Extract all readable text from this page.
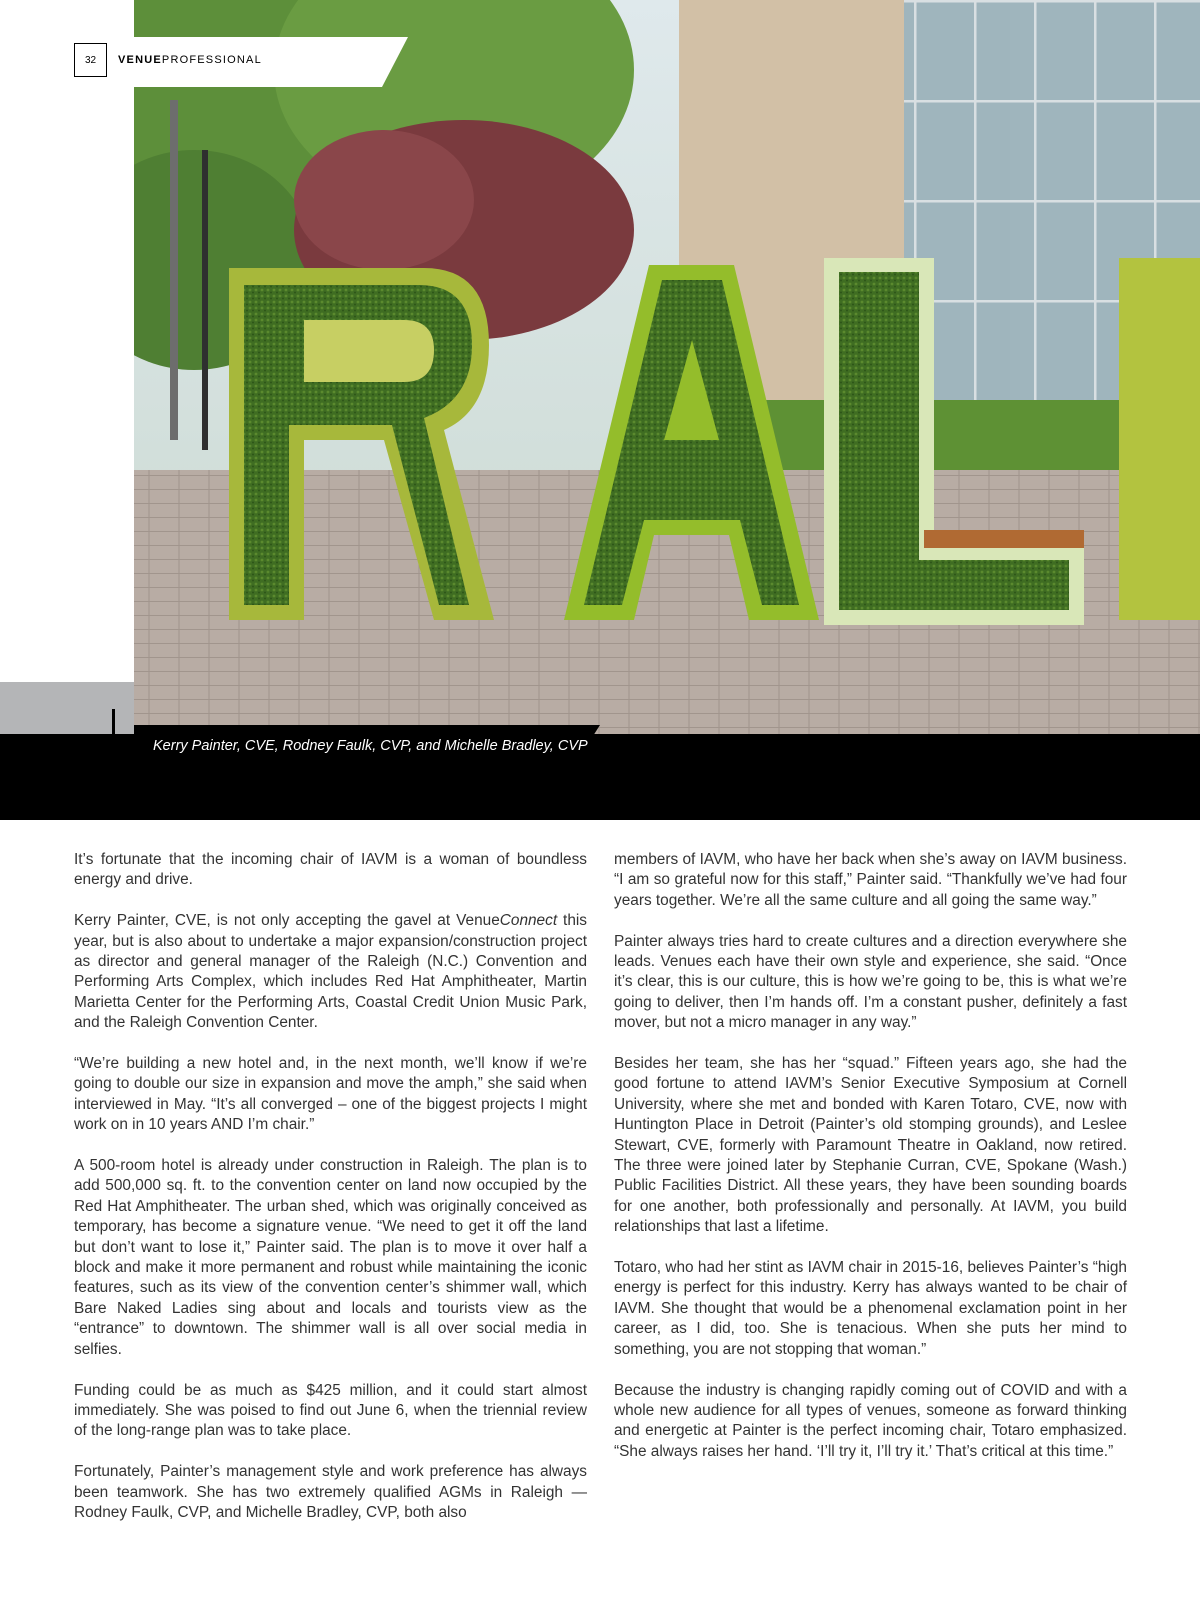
Kerry Painter, CVE, Rodney Faulk, CVP, and Michelle Bradley, CVP
32	VENUEPROFESSIONAL

It’s fortunate that the incoming chair of IAVM is a woman of boundless energy and drive.

Kerry Painter, CVE, is not only accepting the gavel at VenueConnect this year, but is also about to undertake a major expansion/construction project as director and general manager of the Raleigh (N.C.) Convention and Performing Arts Complex, which includes Red Hat Amphitheater, Martin Marietta Center for the Performing Arts, Coastal Credit Union Music Park, and the Raleigh Convention Center.

“We’re building a new hotel and, in the next month, we’ll know if we’re going to double our size in expansion and move the amph,” she said when interviewed in May. “It’s all converged – one of the biggest projects I might work on in 10 years AND I’m chair.”

A 500-room hotel is already under construction in Raleigh. The plan is to add 500,000 sq. ft. to the convention center on land now occupied by the Red Hat Amphitheater. The urban shed, which was originally conceived as temporary, has become a signature venue. “We need to get it off the land but don’t want to lose it,” Painter said. The plan is to move it over half a block and make it more permanent and robust while maintaining the iconic features, such as its view of the convention center’s shimmer wall, which Bare Naked Ladies sing about and locals and tourists view as the “entrance” to downtown. The shimmer wall is all over social media in selfies.

Funding could be as much as $425 million, and it could start almost immediately. She was poised to find out June 6, when the triennial review of the long-range plan was to take place.

Fortunately, Painter’s management style and work preference has always been teamwork. She has two extremely qualified AGMs in Raleigh — Rodney Faulk, CVP, and Michelle Bradley, CVP, both also

members of IAVM, who have her back when she’s away on IAVM business. “I am so grateful now for this staff,” Painter said. “Thankfully we’ve had four years together. We’re all the same culture and all going the same way.”

Painter always tries hard to create cultures and a direction everywhere she leads. Venues each have their own style and experience, she said. “Once it’s clear, this is our culture, this is how we’re going to be, this is what we’re going to deliver, then I’m hands off. I’m a constant pusher, definitely a fast mover, but not a micro manager in any way.”

Besides her team, she has her “squad.” Fifteen years ago, she had the good fortune to attend IAVM’s Senior Executive Symposium at Cornell University, where she met and bonded with Karen Totaro, CVE, now with Huntington Place in Detroit (Painter’s old stomping grounds), and Leslee Stewart, CVE, formerly with Paramount Theatre in Oakland, now retired. The three were joined later by Stephanie Curran, CVE, Spokane (Wash.) Public Facilities District. All these years, they have been sounding boards for one another, both professionally and personally. At IAVM, you build relationships that last a lifetime.

Totaro, who had her stint as IAVM chair in 2015-16, believes Painter’s “high energy is perfect for this industry. Kerry has always wanted to be chair of IAVM. She thought that would be a phenomenal exclamation point in her career, as I did, too. She is tenacious. When she puts her mind to something, you are not stopping that woman.”

Because the industry is changing rapidly coming out of COVID and with a whole new audience for all types of venues, someone as forward thinking and energetic at Painter is the perfect incoming chair, Totaro emphasized. “She always raises her hand. ‘I’ll try it, I’ll try it.’ That’s critical at this time.”
